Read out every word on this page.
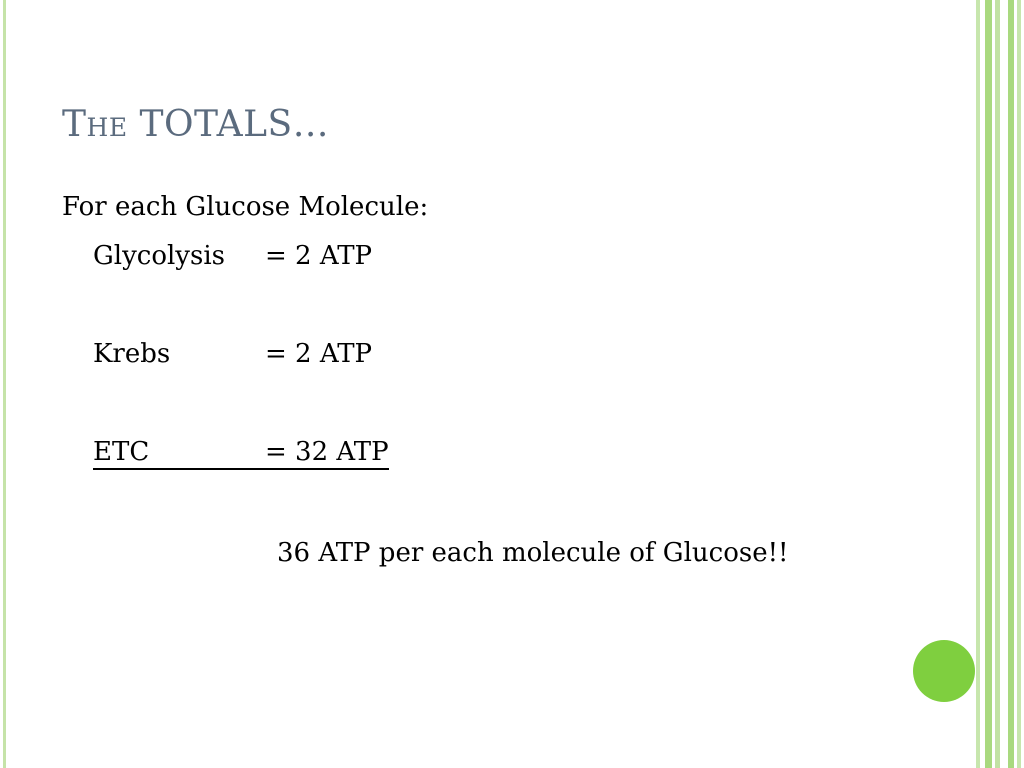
The TOTALS…

For each Glucose Molecule:

Glycolysis	= 2 ATP
Krebs	= 2 ATP
ETC	= 32 ATP

36 ATP per each molecule of Glucose!!
